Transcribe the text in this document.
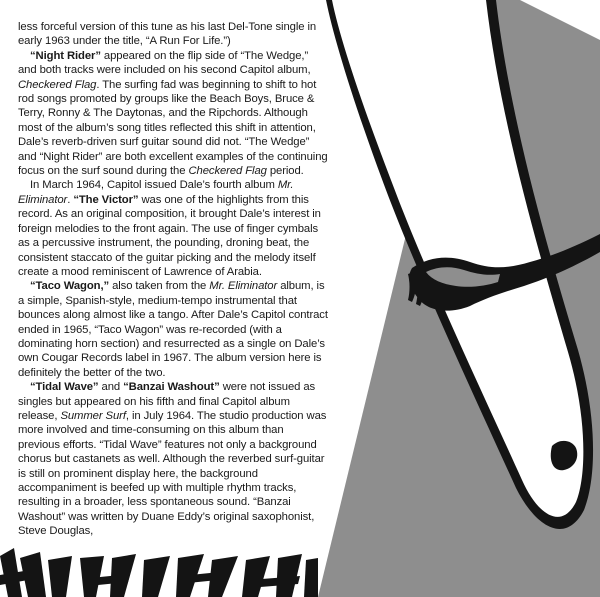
less forceful version of this tune as his last Del-Tone single in early 1963 under the title, “A Run For Life.”)

“Night Rider” appeared on the flip side of “The Wedge,” and both tracks were included on his second Capitol album, Checkered Flag. The surfing fad was beginning to shift to hot rod songs promoted by groups like the Beach Boys, Bruce & Terry, Ronny & The Daytonas, and the Ripchords. Although most of the album’s song titles reflected this shift in attention, Dale’s reverb-driven surf guitar sound did not. “The Wedge” and “Night Rider” are both excellent examples of the continuing focus on the surf sound during the Checkered Flag period.

In March 1964, Capitol issued Dale’s fourth album Mr. Eliminator. “The Victor” was one of the highlights from this record. As an original composition, it brought Dale’s interest in foreign melodies to the front again. The use of finger cymbals as a percussive instrument, the pounding, droning beat, the consistent staccato of the guitar picking and the melody itself create a mood reminiscent of Lawrence of Arabia.

“Taco Wagon,” also taken from the Mr. Eliminator album, is a simple, Spanish-style, medium-tempo instrumental that bounces along almost like a tango. After Dale’s Capitol contract ended in 1965, “Taco Wagon” was re-recorded (with a dominating horn section) and resurrected as a single on Dale’s own Cougar Records label in 1967. The album version here is definitely the better of the two.

“Tidal Wave” and “Banzai Washout” were not issued as singles but appeared on his fifth and final Capitol album release, Summer Surf, in July 1964. The studio production was more involved and time-consuming on this album than previous efforts. “Tidal Wave” features not only a background chorus but castanets as well. Although the reverbed surf-guitar is still on prominent display here, the background accompaniment is beefed up with multiple rhythm tracks, resulting in a broader, less spontaneous sound. “Banzai Washout” was written by Duane Eddy’s original saxophonist, Steve Douglas,
